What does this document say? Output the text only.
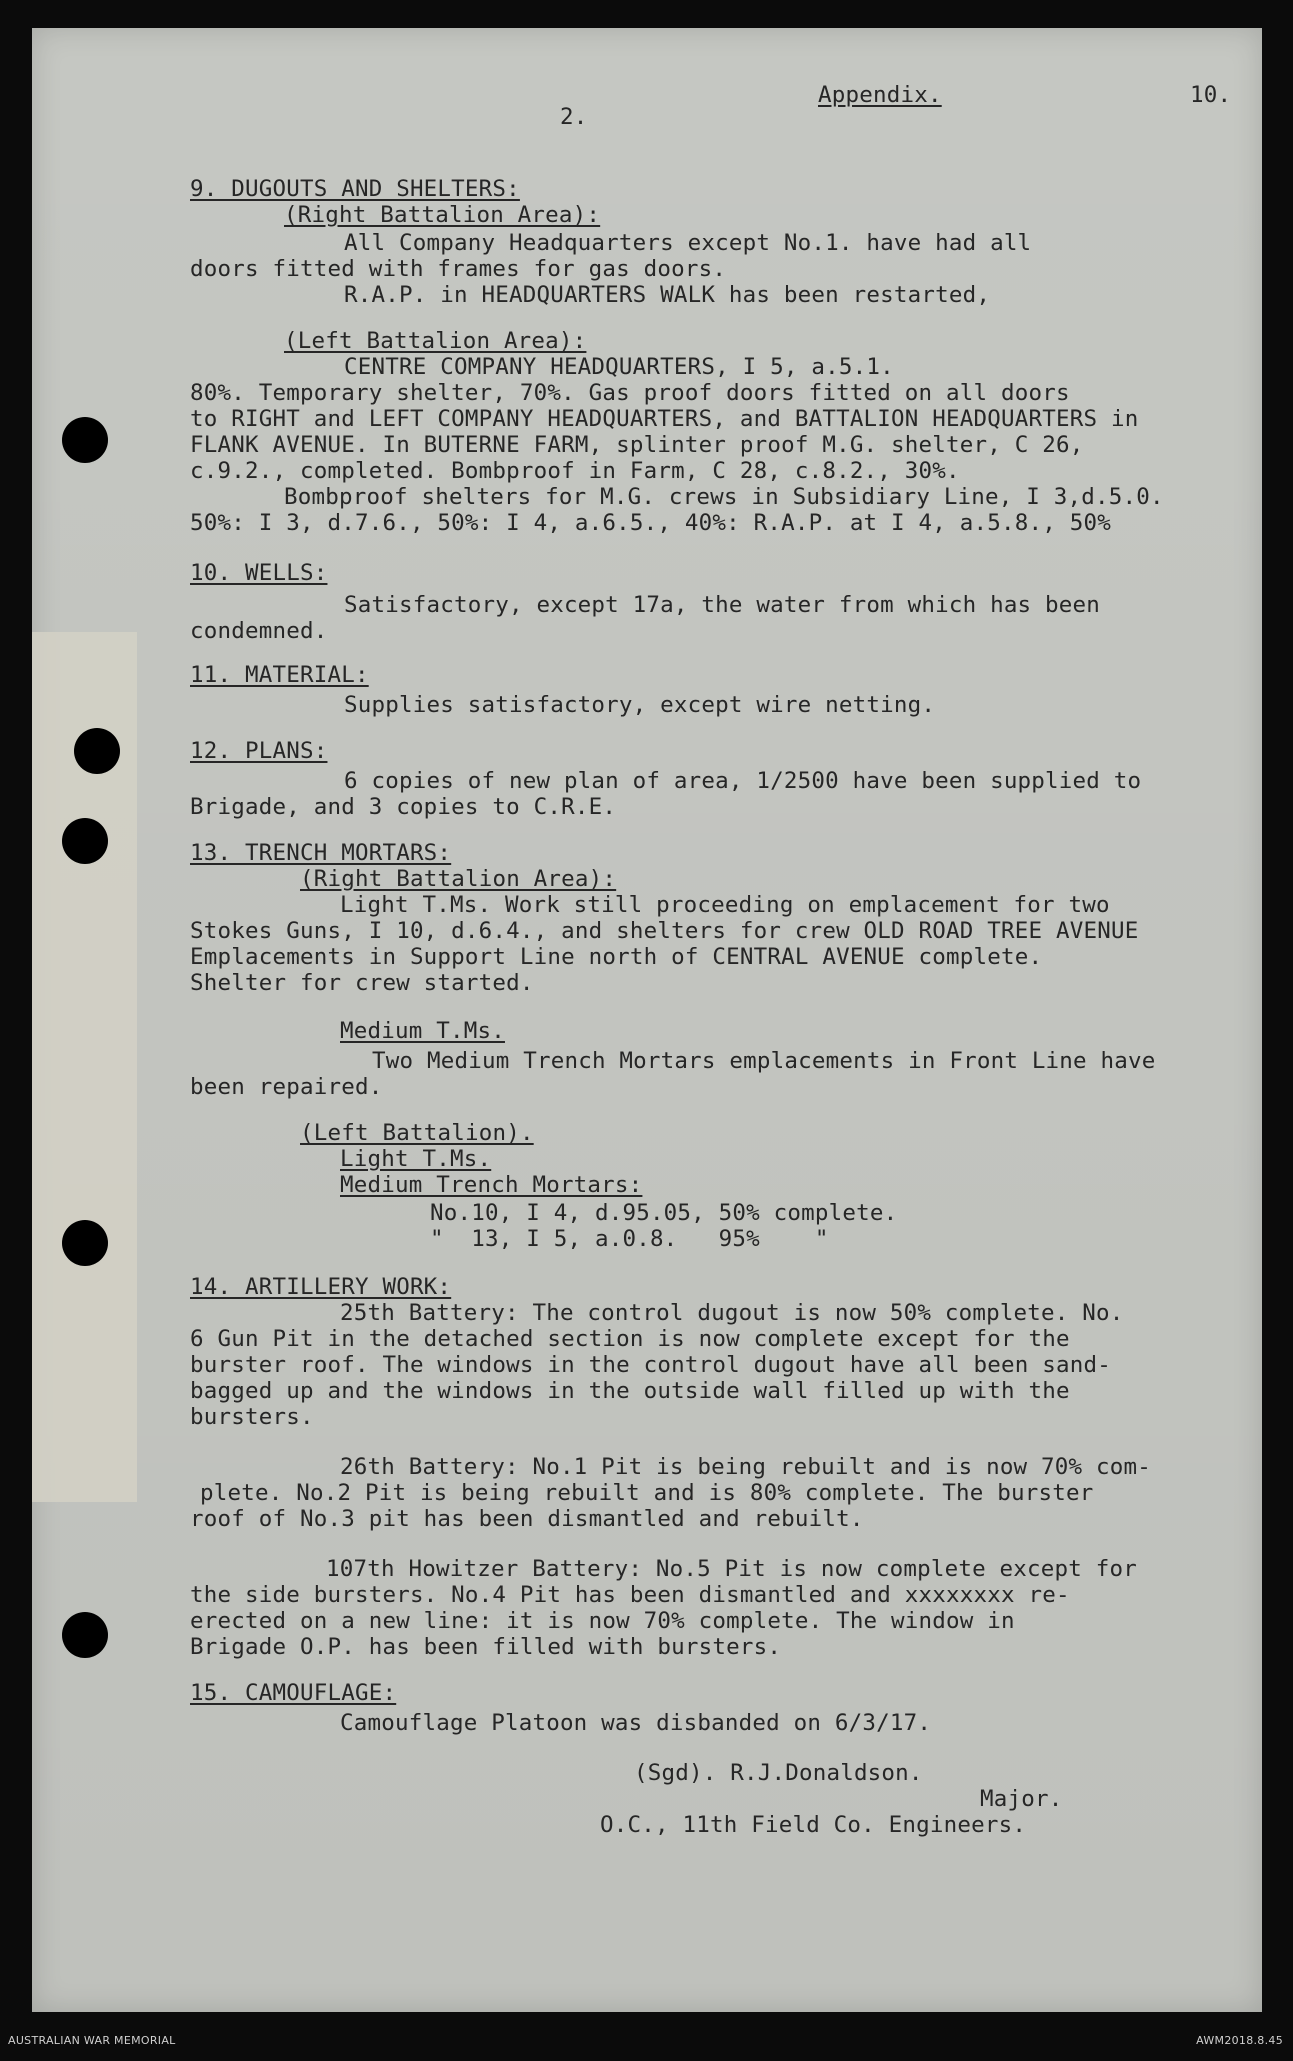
Appendix.	10.
2.
9. DUGOUTS AND SHELTERS:
(Right Battalion Area):
All Company Headquarters except No.1. have had all
doors fitted with frames for gas doors.
R.A.P. in HEADQUARTERS WALK has been restarted,
(Left Battalion Area):
CENTRE COMPANY HEADQUARTERS, I 5, a.5.1.
80%. Temporary shelter, 70%. Gas proof doors fitted on all doors
to RIGHT and LEFT COMPANY HEADQUARTERS, and BATTALION HEADQUARTERS in
FLANK AVENUE. In BUTERNE FARM, splinter proof M.G. shelter, C 26,
c.9.2., completed. Bombproof in Farm, C 28, c.8.2., 30%.
Bombproof shelters for M.G. crews in Subsidiary Line, I 3,d.5.0.
50%: I 3, d.7.6., 50%: I 4, a.6.5., 40%: R.A.P. at I 4, a.5.8., 50%
10. WELLS:
Satisfactory, except 17a, the water from which has been
condemned.
11. MATERIAL:
Supplies satisfactory, except wire netting.
12. PLANS:
6 copies of new plan of area, 1/2500 have been supplied to
Brigade, and 3 copies to C.R.E.
13. TRENCH MORTARS:
(Right Battalion Area):
Light T.Ms. Work still proceeding on emplacement for two
Stokes Guns, I 10, d.6.4., and shelters for crew OLD ROAD TREE AVENUE
Emplacements in Support Line north of CENTRAL AVENUE complete.
Shelter for crew started.
Medium T.Ms.
Two Medium Trench Mortars emplacements in Front Line have
been repaired.
(Left Battalion).
Light T.Ms.
Medium Trench Mortars:
No.10, I 4, d.95.05, 50% complete.
"  13, I 5, a.0.8.   95%    "
14. ARTILLERY WORK:
25th Battery: The control dugout is now 50% complete. No.
6 Gun Pit in the detached section is now complete except for the
burster roof. The windows in the control dugout have all been sand-
bagged up and the windows in the outside wall filled up with the
bursters.
26th Battery: No.1 Pit is being rebuilt and is now 70% com-
plete. No.2 Pit is being rebuilt and is 80% complete. The burster
roof of No.3 pit has been dismantled and rebuilt.
107th Howitzer Battery: No.5 Pit is now complete except for
the side bursters. No.4 Pit has been dismantled and xxxxxxxx re-
erected on a new line: it is now 70% complete. The window in
Brigade O.P. has been filled with bursters.
15. CAMOUFLAGE:
Camouflage Platoon was disbanded on 6/3/17.
(Sgd). R.J.Donaldson.
Major.
O.C., 11th Field Co. Engineers.
AUSTRALIAN WAR MEMORIAL	AWM2018.8.45
